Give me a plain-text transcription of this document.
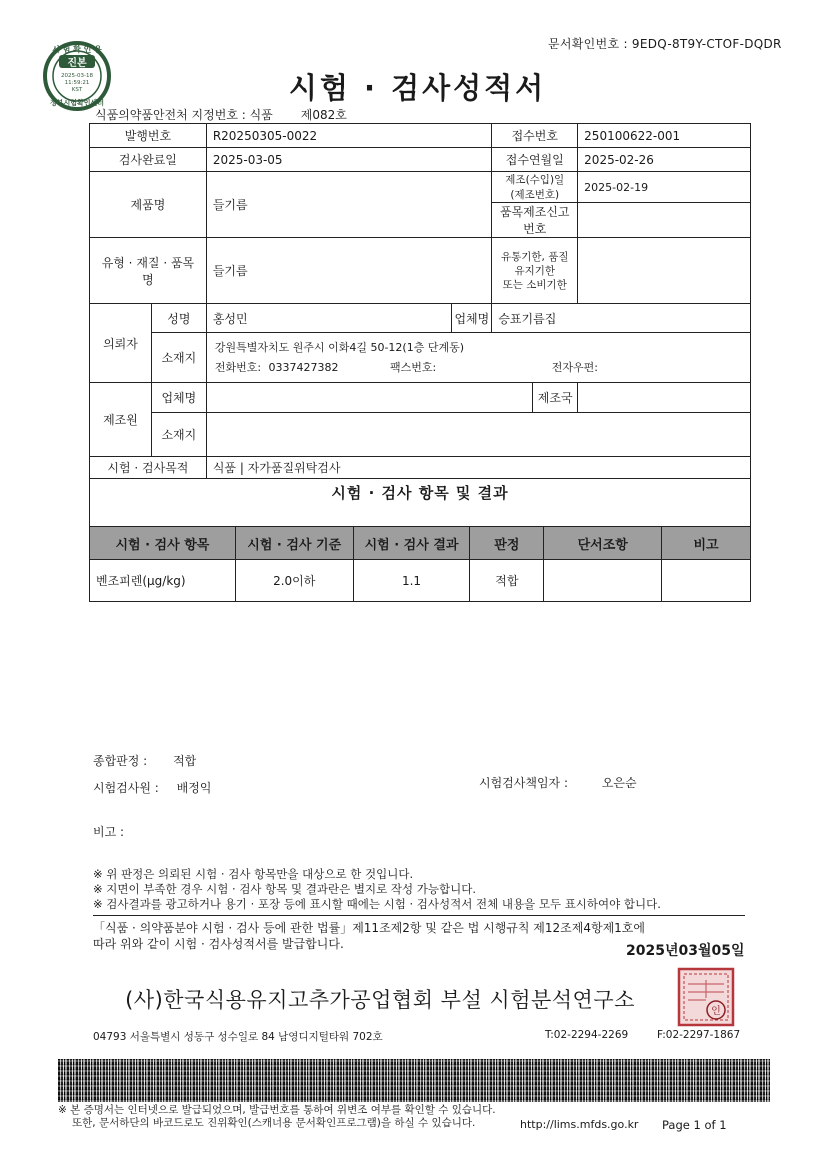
문서확인번호 : 9EDQ-8T9Y-CTOF-DQDR
시 험 확 인 용
진본
2025-03-18
11:59:21
KST
정부시험확인센터	시험 · 검사성적서
식품의약품안전처 지정번호 : 식품 제082호
발행번호		R20250305-0022		접수번호	250100622-001
검사완료일		2025-03-05		접수연월일	2025-02-26
제품명		들기름		제조(수입)일 (제조번호)	2025-02-19
				품목제조신고번호	
유형 · 재질 · 품목명		들기름		유통기한, 품질유지기한
또는 소비기한	
의뢰자	성명	홍성민	업체명	승표기름집	
	소재지	강원특별자치도 원주시 이화4길 50-12(1층 단계동)
전화번호: 0337427382 팩스번호: 전자우편:			

제조원	업체명	제조국			

	소재지				
시험 · 검사목적		식품 | 자가품질위탁검사			

시험 · 검사 항목 및 결과
시험 · 검사 항목	시험 · 검사 기준	시험 · 검사 결과	판정	단서조항	비고
벤조피렌(μg/kg)	2.0이하	1.1	적합		
종합판정 : 적합
시험검사원 : 배정익	시험검사책임자 :	오은순
비고 :
※ 위 판정은 의뢰된 시험 · 검사 항목만을 대상으로 한 것입니다.
※ 지면이 부족한 경우 시험 · 검사 항목 및 결과란은 별지로 작성 가능합니다.
※ 검사결과를 광고하거나 용기 · 포장 등에 표시할 때에는 시험 · 검사성적서 전체 내용을 모두 표시하여야 합니다.
「식품 · 의약품분야 시험 · 검사 등에 관한 법률」제11조제2항 및 같은 법 시행규칙 제12조제4항제1호에
따라 위와 같이 시험 · 검사성적서를 발급합니다.	2025년03월05일
(사)한국식용유지고추가공업협회 부설 시험분석연구소	인
04793 서울특별시 성동구 성수일로 84 남영디지털타워 702호	T:02-2294-2269	F:02-2297-1867
※ 본 증명서는 인터넷으로 발급되었으며, 발급번호를 통하여 위변조 여부를 확인할 수 있습니다.
또한, 문서하단의 바코드로도 진위확인(스캐너용 문서확인프로그램)을 하실 수 있습니다.	http://lims.mfds.go.kr Page 1 of 1
